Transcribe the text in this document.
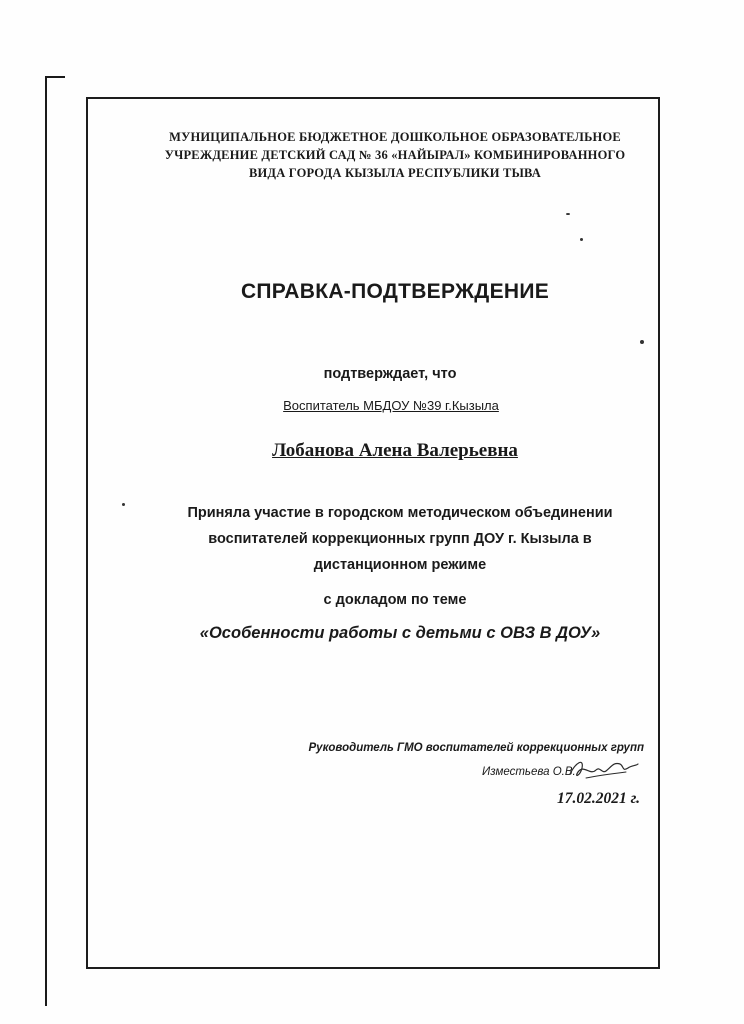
МУНИЦИПАЛЬНОЕ БЮДЖЕТНОЕ ДОШКОЛЬНОЕ ОБРАЗОВАТЕЛЬНОЕ
УЧРЕЖДЕНИЕ ДЕТСКИЙ САД № 36 «НАЙЫРАЛ» КОМБИНИРОВАННОГО
ВИДА ГОРОДА КЫЗЫЛА РЕСПУБЛИКИ ТЫВА
СПРАВКА-ПОДТВЕРЖДЕНИЕ
подтверждает, что
Воспитатель МБДОУ №39 г.Кызыла
Лобанова Алена Валерьевна
Приняла участие в городском методическом объединении
воспитателей коррекционных групп ДОУ г. Кызыла в
дистанционном режиме
с докладом по теме
«Особенности работы с детьми с ОВЗ В ДОУ»
Руководитель ГМО воспитателей коррекционных групп
Изместьева О.В.
17.02.2021 г.
